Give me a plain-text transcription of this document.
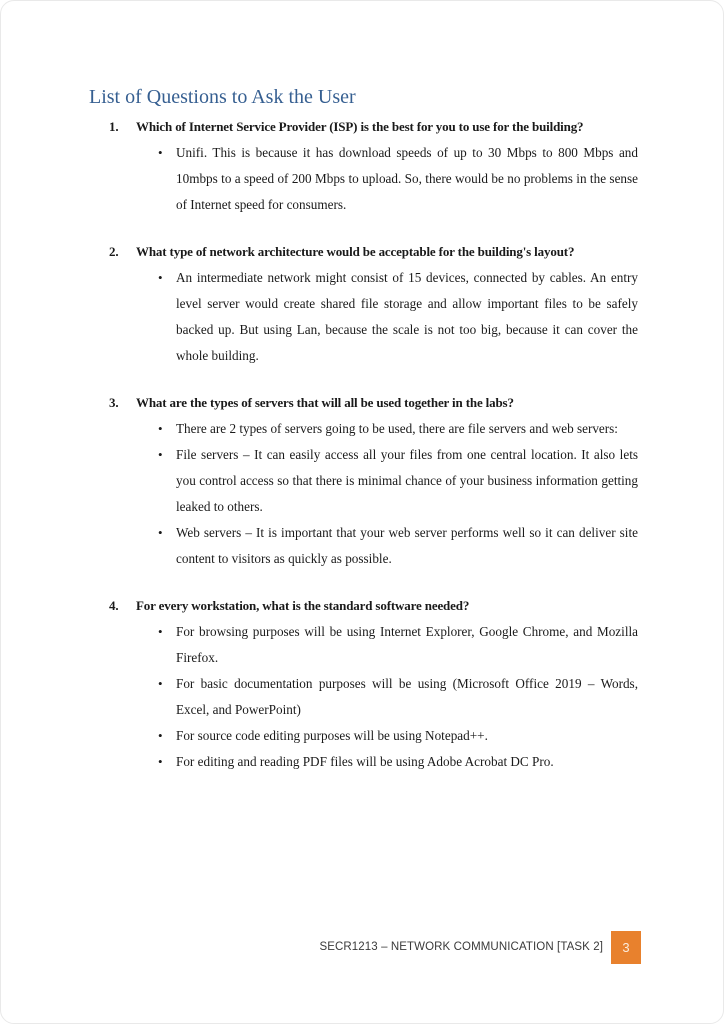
List of Questions to Ask the User
1.	Which of Internet Service Provider (ISP) is the best for you to use for the building?
• Unifi. This is because it has download speeds of up to 30 Mbps to 800 Mbps and 10mbps to a speed of 200 Mbps to upload. So, there would be no problems in the sense of Internet speed for consumers.
2.	What type of network architecture would be acceptable for the building's layout?
• An intermediate network might consist of 15 devices, connected by cables. An entry level server would create shared file storage and allow important files to be safely backed up. But using Lan, because the scale is not too big, because it can cover the whole building.
3.	What are the types of servers that will all be used together in the labs?
• There are 2 types of servers going to be used, there are file servers and web servers:
• File servers – It can easily access all your files from one central location. It also lets you control access so that there is minimal chance of your business information getting leaked to others.
• Web servers – It is important that your web server performs well so it can deliver site content to visitors as quickly as possible.
4.	For every workstation, what is the standard software needed?
• For browsing purposes will be using Internet Explorer, Google Chrome, and Mozilla Firefox.
• For basic documentation purposes will be using (Microsoft Office 2019 – Words, Excel, and PowerPoint)
• For source code editing purposes will be using Notepad++.
• For editing and reading PDF files will be using Adobe Acrobat DC Pro.
SECR1213 – NETWORK COMMUNICATION [TASK 2]	3
